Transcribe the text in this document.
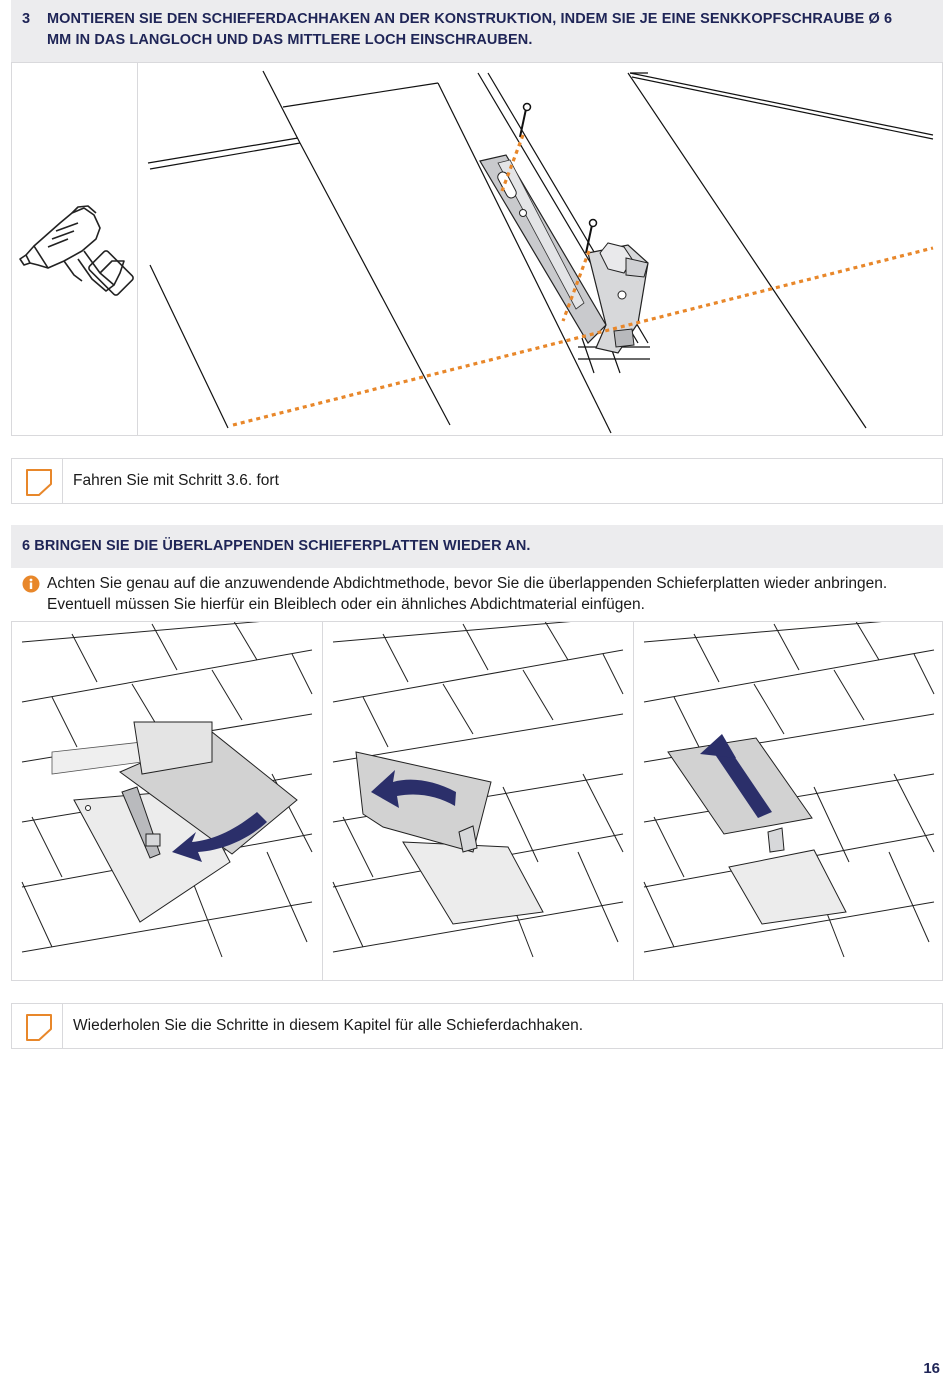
3 MONTIEREN SIE DEN SCHIEFERDACHHAKEN AN DER KONSTRUKTION, INDEM SIE JE EINE SENKKOPFSCHRAUBE Ø 6
MM IN DAS LANGLOCH UND DAS MITTLERE LOCH EINSCHRAUBEN.
Fahren Sie mit Schritt 3.6. fort
6 BRINGEN SIE DIE ÜBERLAPPENDEN SCHIEFERPLATTEN WIEDER AN.
Achten Sie genau auf die anzuwendende Abdichtmethode, bevor Sie die überlappenden Schieferplatten wieder anbringen. Eventuell müssen Sie hierfür ein Bleiblech oder ein ähnliches Abdichtmaterial einfügen.
Wiederholen Sie die Schritte in diesem Kapitel für alle Schieferdachhaken.
16
